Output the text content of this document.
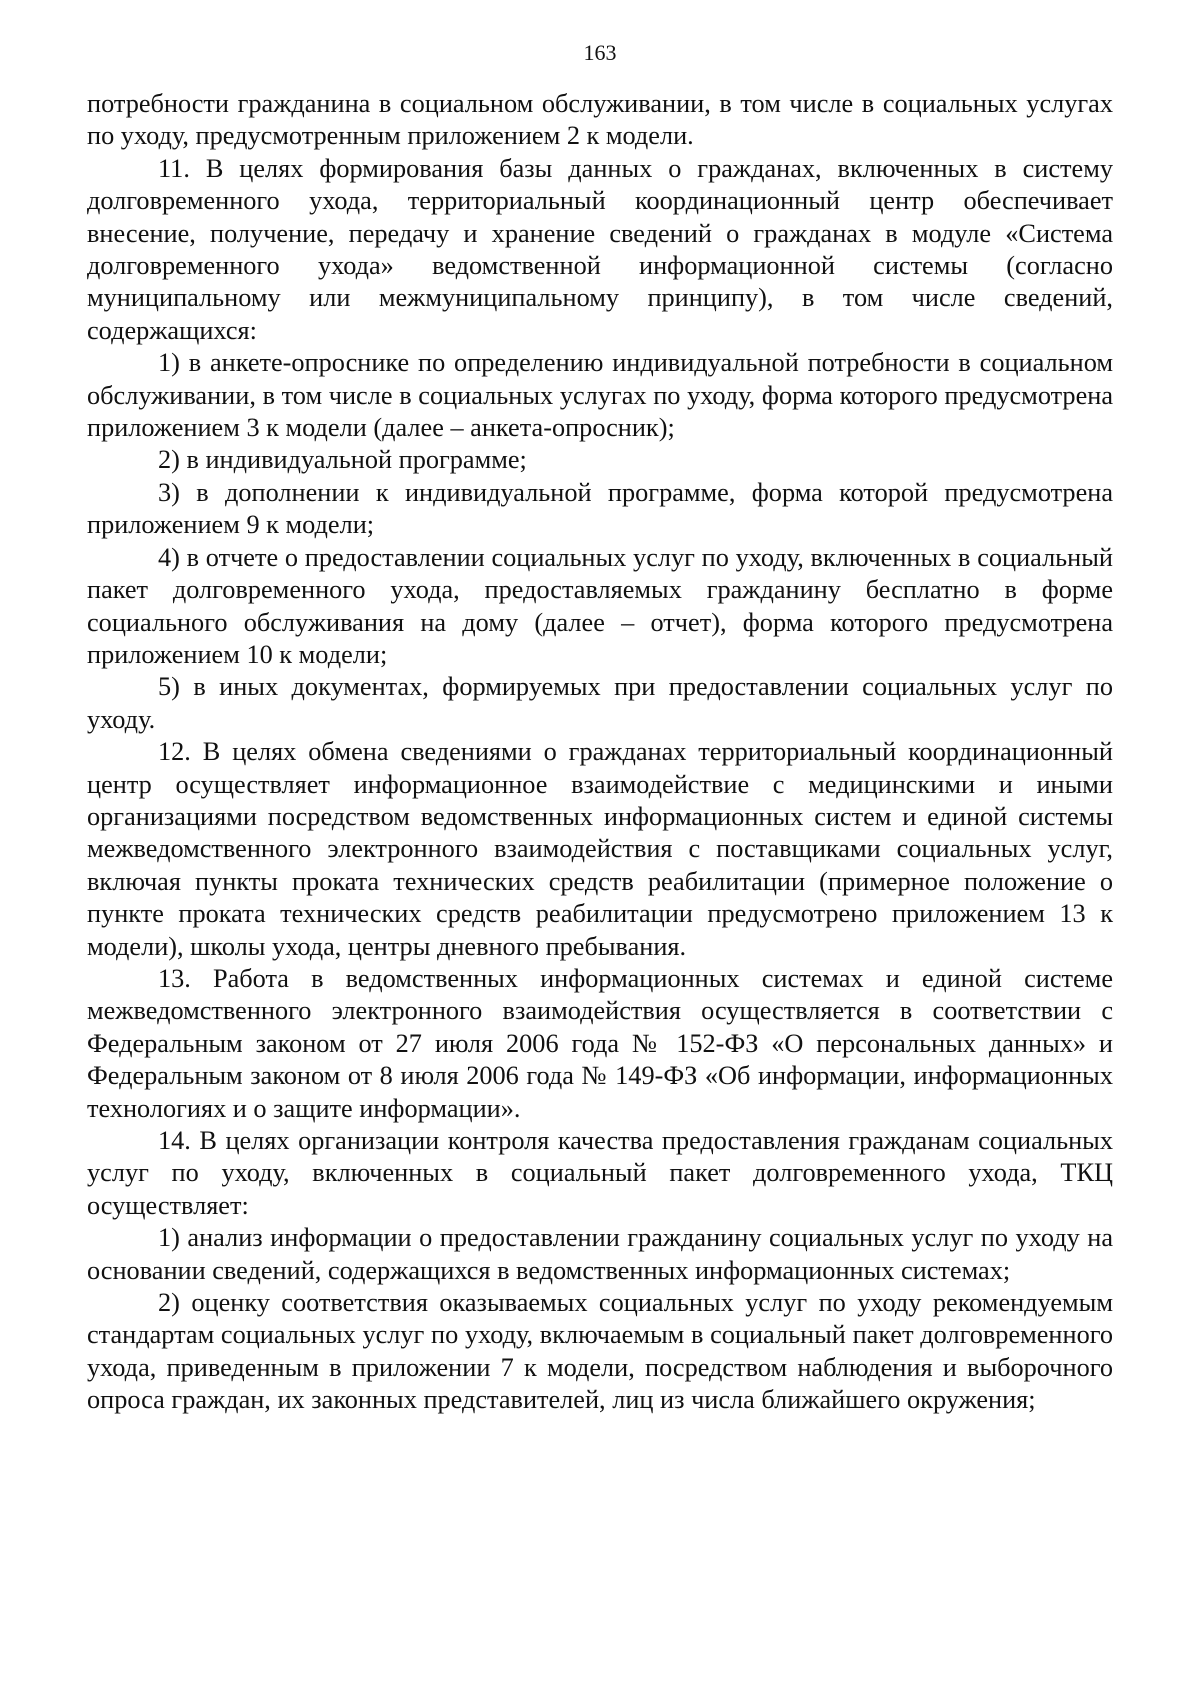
163

потребности гражданина в социальном обслуживании, в том числе в социальных услугах по уходу, предусмотренным приложением 2 к модели.

11. В целях формирования базы данных о гражданах, включенных в систему долговременного ухода, территориальный координационный центр обеспечивает внесение, получение, передачу и хранение сведений о гражданах в модуле «Система долговременного ухода» ведомственной информационной системы (согласно муниципальному или межмуниципальному принципу), в том числе сведений, содержащихся:

1) в анкете-опроснике по определению индивидуальной потребности в социальном обслуживании, в том числе в социальных услугах по уходу, форма которого предусмотрена приложением 3 к модели (далее – анкета-опросник);

2) в индивидуальной программе;

3) в дополнении к индивидуальной программе, форма которой предусмотрена приложением 9 к модели;

4) в отчете о предоставлении социальных услуг по уходу, включенных в социальный пакет долговременного ухода, предоставляемых гражданину бесплатно в форме социального обслуживания на дому (далее – отчет), форма которого предусмотрена приложением 10 к модели;

5) в иных документах, формируемых при предоставлении социальных услуг по уходу.

12. В целях обмена сведениями о гражданах территориальный координационный центр осуществляет информационное взаимодействие с медицинскими и иными организациями посредством ведомственных информационных систем и единой системы межведомственного электронного взаимодействия с поставщиками социальных услуг, включая пункты проката технических средств реабилитации (примерное положение о пункте проката технических средств реабилитации предусмотрено приложением 13 к модели), школы ухода, центры дневного пребывания.

13. Работа в ведомственных информационных системах и единой системе межведомственного электронного взаимодействия осуществляется в соответствии с Федеральным законом от 27 июля 2006 года № 152-ФЗ «О персональных данных» и Федеральным законом от 8 июля 2006 года № 149-ФЗ «Об информации, информационных технологиях и о защите информации».

14. В целях организации контроля качества предоставления гражданам социальных услуг по уходу, включенных в социальный пакет долговременного ухода, ТКЦ осуществляет:

1) анализ информации о предоставлении гражданину социальных услуг по уходу на основании сведений, содержащихся в ведомственных информационных системах;

2) оценку соответствия оказываемых социальных услуг по уходу рекомендуемым стандартам социальных услуг по уходу, включаемым в социальный пакет долговременного ухода, приведенным в приложении 7 к модели, посредством наблюдения и выборочного опроса граждан, их законных представителей, лиц из числа ближайшего окружения;
